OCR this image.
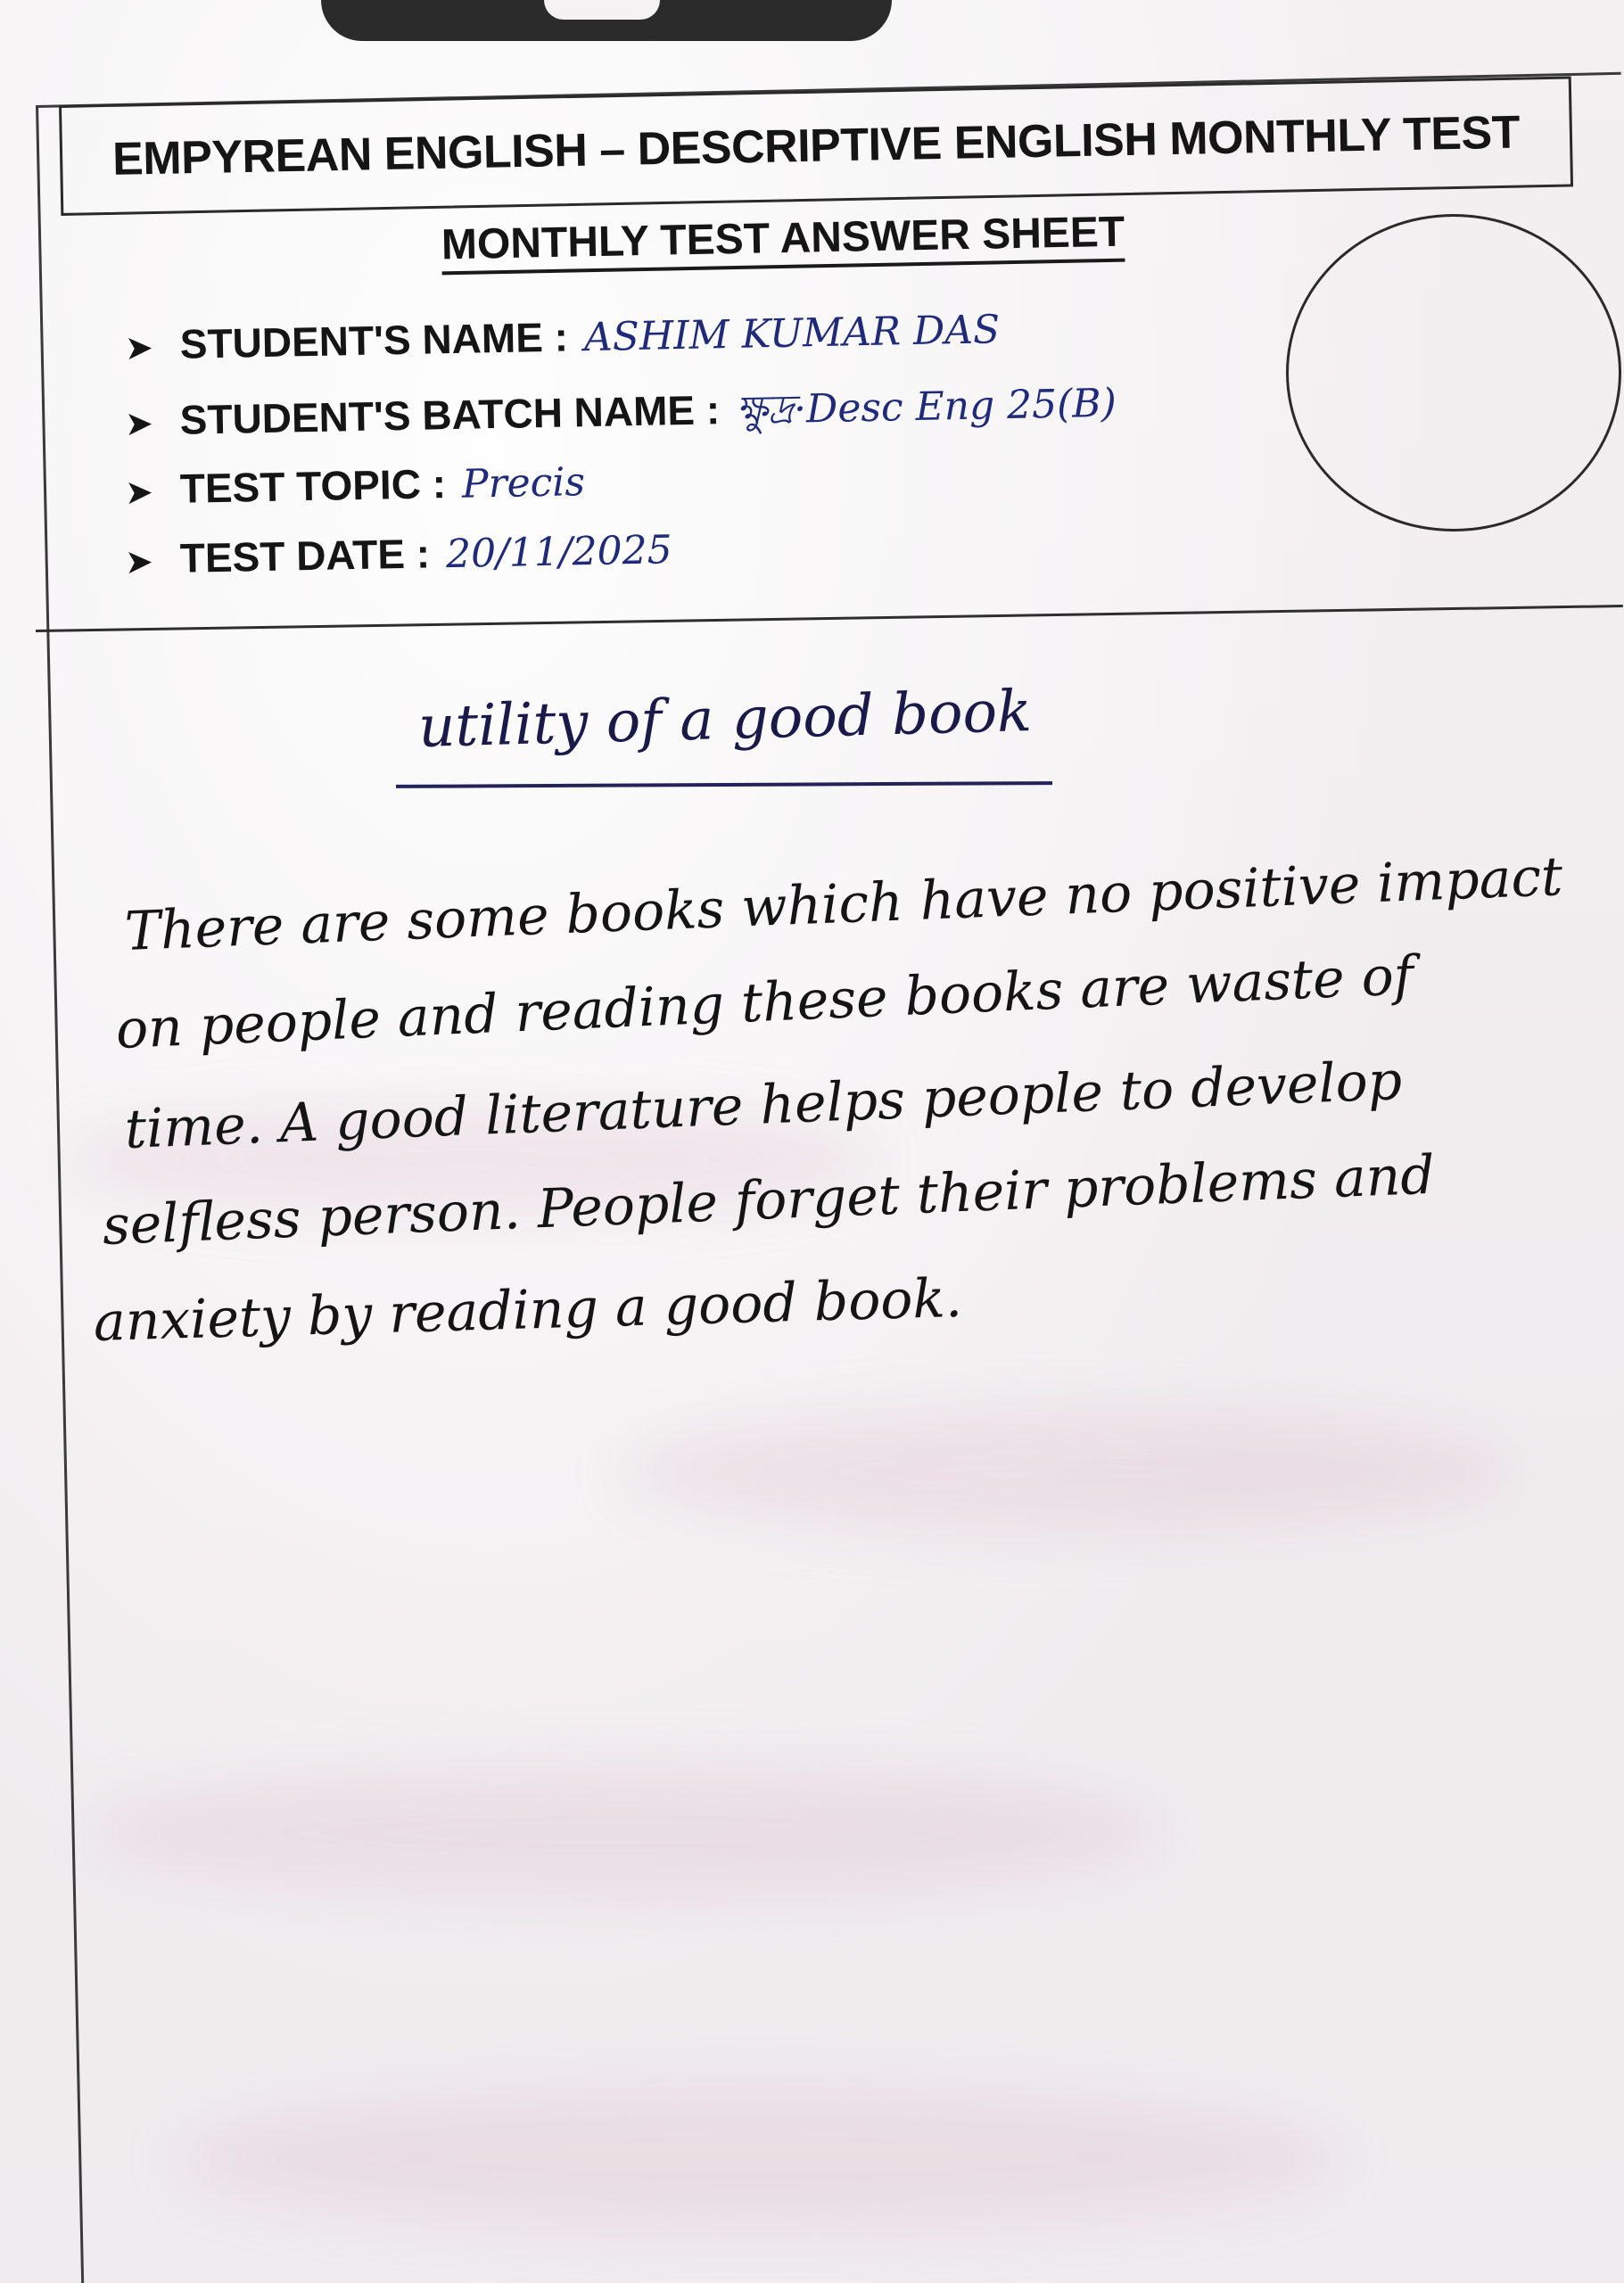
EMPYREAN ENGLISH – DESCRIPTIVE ENGLISH MONTHLY TEST
MONTHLY TEST ANSWER SHEET
➤ STUDENT'S NAME : ASHIM KUMAR DAS
➤ STUDENT'S BATCH NAME : ক্ষুদ্র·Desc Eng 25(B)
➤ TEST TOPIC : Precis
➤ TEST DATE : 20/11/2025
utility of a good book
There are some books which have no positive impact
on people and reading these books are waste of
time. A good literature helps people to develop
selfless person. People forget their problems and
anxiety by reading a good book.
